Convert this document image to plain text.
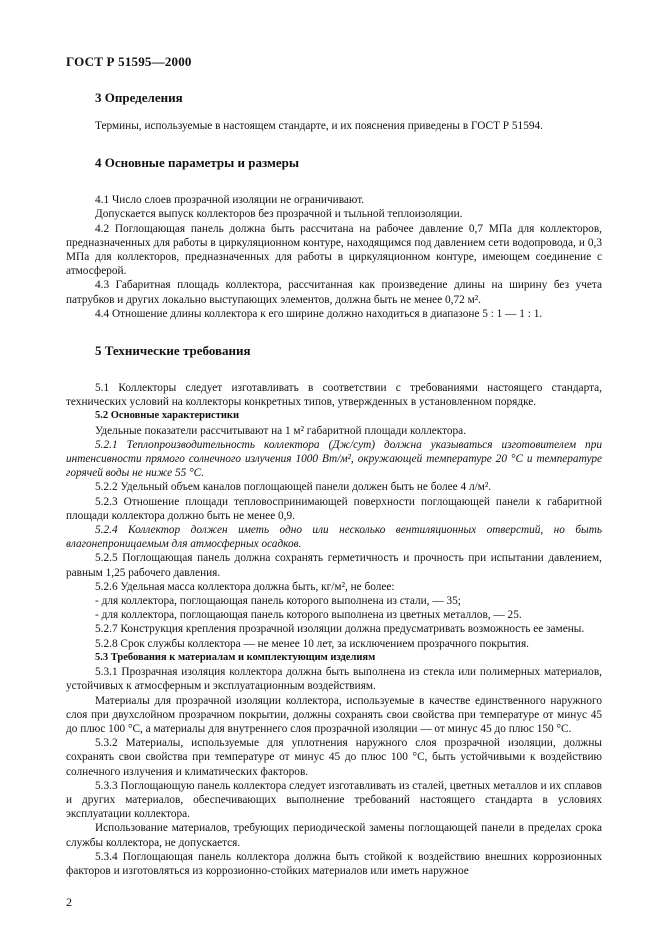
ГОСТ Р 51595—2000

3 Определения

Термины, используемые в настоящем стандарте, и их пояснения приведены в ГОСТ Р 51594.

4 Основные параметры и размеры

4.1 Число слоев прозрачной изоляции не ограничивают.

Допускается выпуск коллекторов без прозрачной и тыльной теплоизоляции.

4.2 Поглощающая панель должна быть рассчитана на рабочее давление 0,7 МПа для коллекторов, предназначенных для работы в циркуляционном контуре, находящимся под давлением сети водопровода, и 0,3 МПа для коллекторов, предназначенных для работы в циркуляционном контуре, имеющем соединение с атмосферой.

4.3 Габаритная площадь коллектора, рассчитанная как произведение длины на ширину без учета патрубков и других локально выступающих элементов, должна быть не менее 0,72 м².

4.4 Отношение длины коллектора к его ширине должно находиться в диапазоне 5 : 1 — 1 : 1.

5 Технические требования

5.1 Коллекторы следует изготавливать в соответствии с требованиями настоящего стандарта, технических условий на коллекторы конкретных типов, утвержденных в установленном порядке.

5.2 Основные характеристики

Удельные показатели рассчитывают на 1 м² габаритной площади коллектора.

5.2.1 Теплопроизводительность коллектора (Дж/сут) должна указываться изготовителем при интенсивности прямого солнечного излучения 1000 Вт/м², окружающей температуре 20 °С и температуре горячей воды не ниже 55 °С.

5.2.2 Удельный объем каналов поглощающей панели должен быть не более 4 л/м².

5.2.3 Отношение площади тепловоспринимающей поверхности поглощающей панели к габаритной площади коллектора должно быть не менее 0,9.

5.2.4 Коллектор должен иметь одно или несколько вентиляционных отверстий, но быть влагонепроницаемым для атмосферных осадков.

5.2.5 Поглощающая панель должна сохранять герметичность и прочность при испытании давлением, равным 1,25 рабочего давления.

5.2.6 Удельная масса коллектора должна быть, кг/м², не более:

- для коллектора, поглощающая панель которого выполнена из стали, — 35;

- для коллектора, поглощающая панель которого выполнена из цветных металлов, — 25.

5.2.7 Конструкция крепления прозрачной изоляции должна предусматривать возможность ее замены.

5.2.8 Срок службы коллектора — не менее 10 лет, за исключением прозрачного покрытия.

5.3 Требования к материалам и комплектующим изделиям

5.3.1 Прозрачная изоляция коллектора должна быть выполнена из стекла или полимерных материалов, устойчивых к атмосферным и эксплуатационным воздействиям.

Материалы для прозрачной изоляции коллектора, используемые в качестве единственного наружного слоя при двухслойном прозрачном покрытии, должны сохранять свои свойства при температуре от минус 45 до плюс 100 °С, а материалы для внутреннего слоя прозрачной изоляции — от минус 45 до плюс 150 °С.

5.3.2 Материалы, используемые для уплотнения наружного слоя прозрачной изоляции, должны сохранять свои свойства при температуре от минус 45 до плюс 100 °С, быть устойчивыми к воздействию солнечного излучения и климатических факторов.

5.3.3 Поглощающую панель коллектора следует изготавливать из сталей, цветных металлов и их сплавов и других материалов, обеспечивающих выполнение требований настоящего стандарта в условиях эксплуатации коллектора.

Использование материалов, требующих периодической замены поглощающей панели в пределах срока службы коллектора, не допускается.

5.3.4 Поглощающая панель коллектора должна быть стойкой к воздействию внешних коррозионных факторов и изготовляться из коррозионно-стойких материалов или иметь наружное

2
